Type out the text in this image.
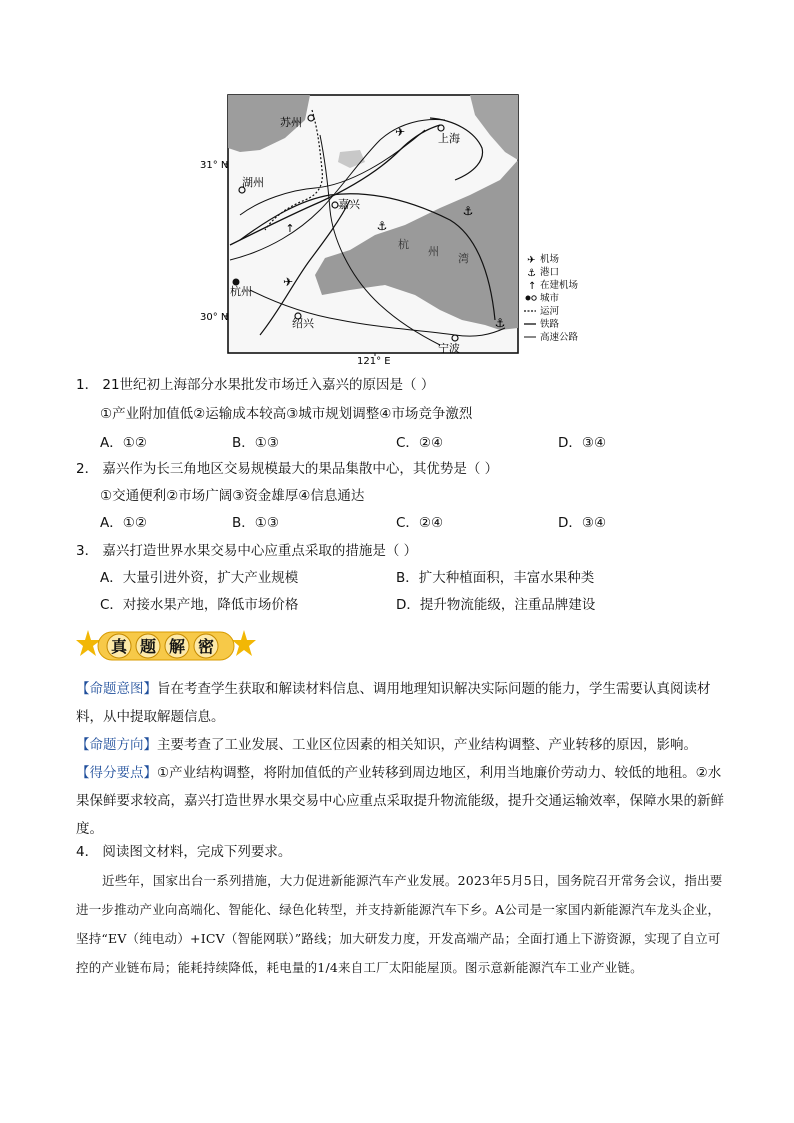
✈
✈
↑	⚓
⚓
⚓
苏州
上海
湖州
嘉兴
杭州
绍兴
宁波
杭
州
湾
31° N
30° N
121° E
✈ 机场
⚓ 港口
↑ 在建机场
城市
运河
铁路
高速公路
1． 21世纪初上海部分水果批发市场迁入嘉兴的原因是（ ）
①产业附加值低②运输成本较高③城市规划调整④市场竞争激烈
A．①②	B．①③	C．②④	D．③④
2． 嘉兴作为长三角地区交易规模最大的果品集散中心，其优势是（ ）
①交通便利②市场广阔③资金雄厚④信息通达
A．①②	B．①③	C．②④	D．③④
3． 嘉兴打造世界水果交易中心应重点采取的措施是（ ）
A．大量引进外资，扩大产业规模	B．扩大种植面积，丰富水果种类
C．对接水果产地，降低市场价格	D．提升物流能级，注重品牌建设
真 题 解 密
【命题意图】旨在考查学生获取和解读材料信息、调用地理知识解决实际问题的能力，学生需要认真阅读材料，从中提取解题信息。
【命题方向】主要考查了工业发展、工业区位因素的相关知识，产业结构调整、产业转移的原因，影响。
【得分要点】①产业结构调整，将附加值低的产业转移到周边地区，利用当地廉价劳动力、较低的地租。②水果保鲜要求较高，嘉兴打造世界水果交易中心应重点采取提升物流能级，提升交通运输效率，保障水果的新鲜度。
4． 阅读图文材料，完成下列要求。
近些年，国家出台一系列措施，大力促进新能源汽车产业发展。2023年5月5日，国务院召开常务会议，指出要进一步推动产业向高端化、智能化、绿色化转型，并支持新能源汽车下乡。A公司是一家国内新能源汽车龙头企业，坚持“EV（纯电动）+ICV（智能网联）”路线；加大研发力度，开发高端产品；全面打通上下游资源，实现了自立可控的产业链布局；能耗持续降低，耗电量的1/4来自工厂太阳能屋顶。图示意新能源汽车工业产业链。
